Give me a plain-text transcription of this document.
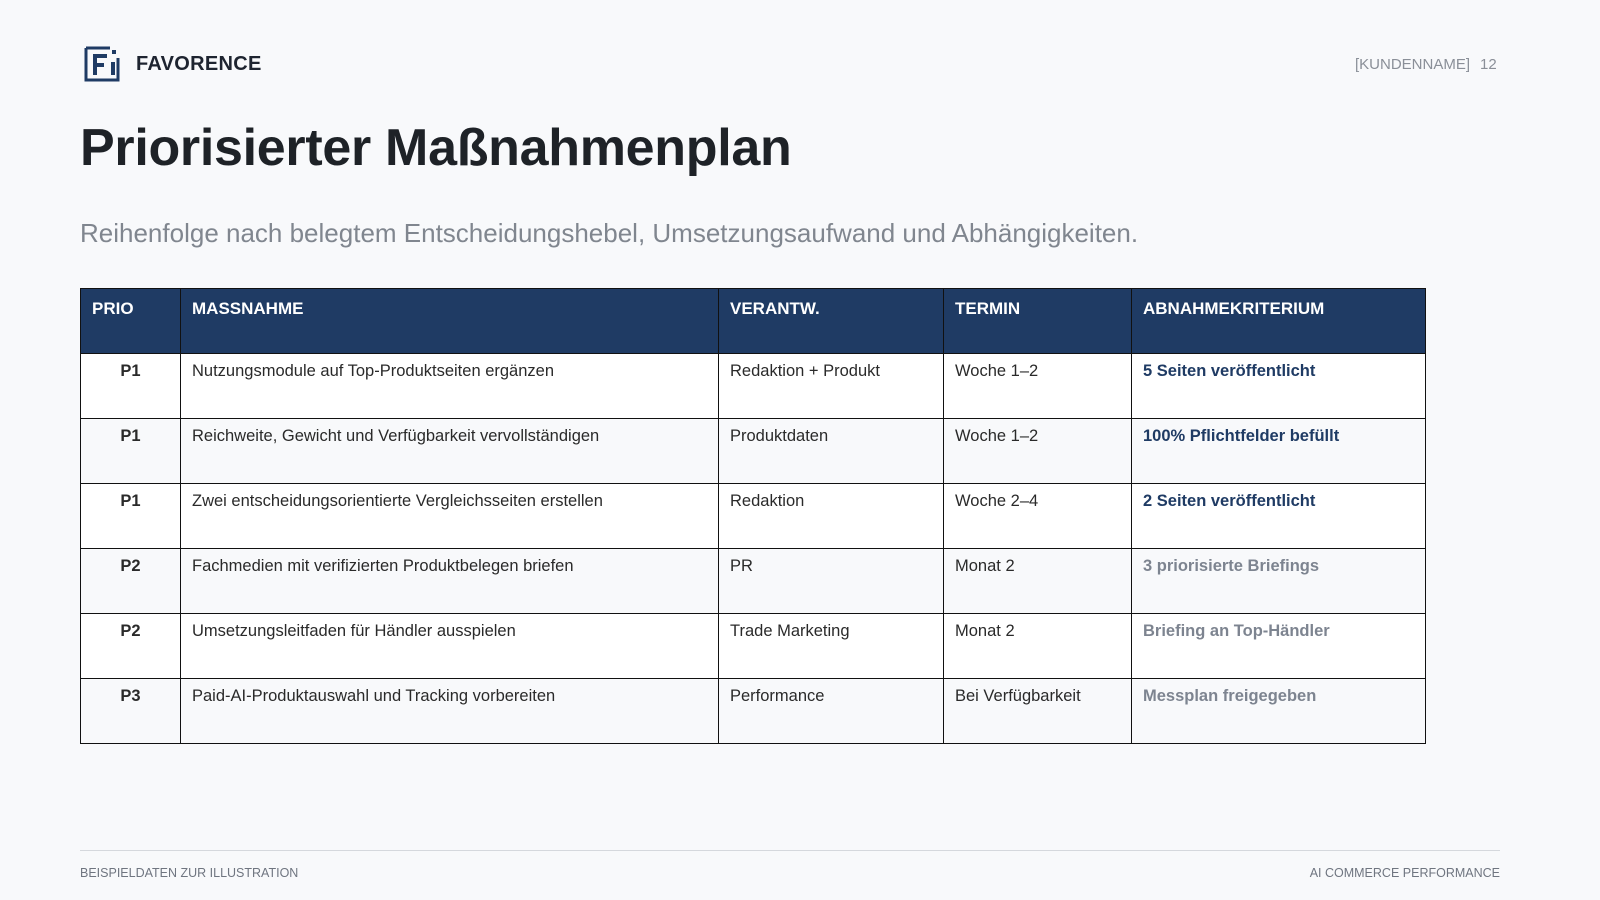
FAVORENCE	[KUNDENNAME] 12
Priorisierter Maßnahmenplan

Reihenfolge nach belegtem Entscheidungshebel, Umsetzungsaufwand und Abhängigkeiten.

PRIO	MASSNAHME	VERANTW.	TERMIN	ABNAHMEKRITERIUM
P1	Nutzungsmodule auf Top-Produktseiten ergänzen	Redaktion + Produkt	Woche 1–2	5 Seiten veröffentlicht
P1	Reichweite, Gewicht und Verfügbarkeit vervollständigen	Produktdaten	Woche 1–2	100% Pflichtfelder befüllt
P1	Zwei entscheidungsorientierte Vergleichsseiten erstellen	Redaktion	Woche 2–4	2 Seiten veröffentlicht
P2	Fachmedien mit verifizierten Produktbelegen briefen	PR	Monat 2	3 priorisierte Briefings
P2	Umsetzungsleitfaden für Händler ausspielen	Trade Marketing	Monat 2	Briefing an Top-Händler
P3	Paid-AI-Produktauswahl und Tracking vorbereiten	Performance	Bei Verfügbarkeit	Messplan freigegeben
BEISPIELDATEN ZUR ILLUSTRATION	AI COMMERCE PERFORMANCE
